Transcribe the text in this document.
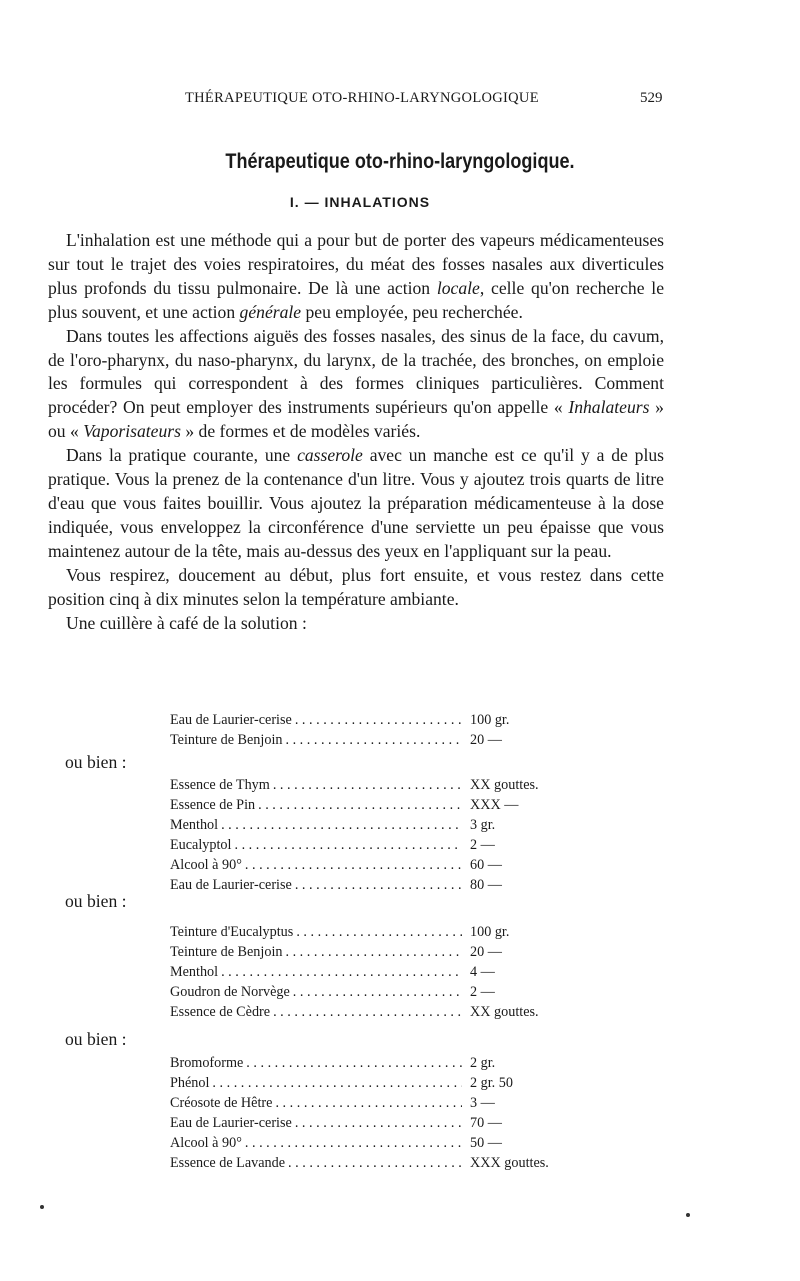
THÉRAPEUTIQUE OTO-RHINO-LARYNGOLOGIQUE	529
Thérapeutique oto-rhino-laryngologique.
I. — INHALATIONS

L'inhalation est une méthode qui a pour but de porter des vapeurs médicamenteuses sur tout le trajet des voies respiratoires, du méat des fosses nasales aux diverticules plus profonds du tissu pulmonaire. De là une action locale, celle qu'on recherche le plus souvent, et une action générale peu employée, peu recherchée.

Dans toutes les affections aiguës des fosses nasales, des sinus de la face, du cavum, de l'oro-pharynx, du naso-pharynx, du larynx, de la trachée, des bronches, on emploie les formules qui correspondent à des formes cliniques particulières. Comment procéder? On peut employer des instruments supérieurs qu'on appelle « Inhalateurs » ou « Vaporisateurs » de formes et de modèles variés.

Dans la pratique courante, une casserole avec un manche est ce qu'il y a de plus pratique. Vous la prenez de la contenance d'un litre. Vous y ajoutez trois quarts de litre d'eau que vous faites bouillir. Vous ajoutez la préparation médicamenteuse à la dose indiquée, vous enveloppez la circonférence d'une serviette un peu épaisse que vous maintenez autour de la tête, mais au-dessus des yeux en l'appliquant sur la peau.

Vous respirez, doucement au début, plus fort ensuite, et vous restez dans cette position cinq à dix minutes selon la température ambiante.

Une cuillère à café de la solution :

Eau de Laurier-cerise . . .	100 gr.
Teinture de Benjoin . . .	20 —
ou bien :
Essence de Thym . . .	XX gouttes.
Essence de Pin . . .	XXX —
Menthol . . .	3 gr.
Eucalyptol . . .	2 —
Alcool à 90° . . .	60 —
Eau de Laurier-cerise . . .	80 —
ou bien :
Teinture d'Eucalyptus . . .	100 gr.
Teinture de Benjoin . . .	20 —
Menthol . . .	4 —
Goudron de Norvège . . .	2 —
Essence de Cèdre . . .	XX gouttes.
ou bien :
Bromoforme . . .	2 gr.
Phénol . . .	2 gr. 50
Créosote de Hêtre . . .	3 —
Eau de Laurier-cerise . . .	70 —
Alcool à 90° . . .	50 —
Essence de Lavande . . .	XXX gouttes.
